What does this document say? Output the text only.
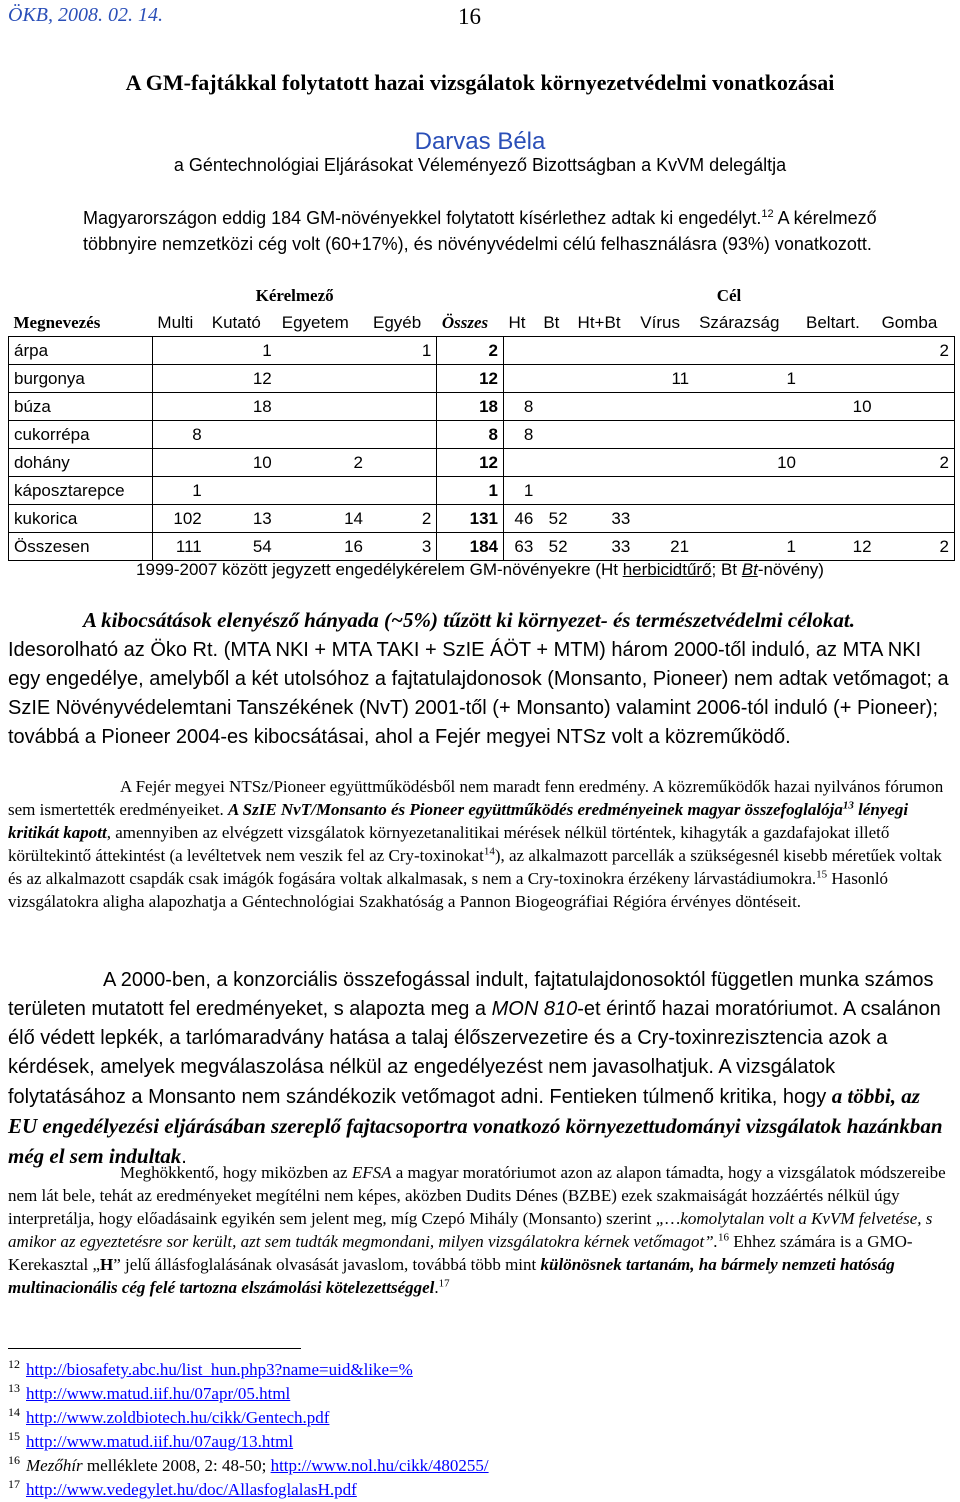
ÖKB, 2008. 02. 14.	16
A GM-fajtákkal folytatott hazai vizsgálatok környezetvédelmi vonatkozásai
Darvas Béla
a Géntechnológiai Eljárásokat Véleményező Bizottságban a KvVM delegáltja
Magyarországon eddig 184 GM-növényekkel folytatott kísérlethez adtak ki engedélyt.$^{12}$ A kérelmező többnyire nemzetközi cég volt (60+17%), és növényvédelmi célú felhasználásra (93%) vonatkozott.
	Kérelmező					Cél						
Megnevezés	Multi	Kutató	Egyetem	Egyéb	Összes	Ht	Bt	Ht+Bt	Vírus	Szárazság	Beltart.	Gomba
árpa		1		1	2							2
burgonya		12			12				11	1		
búza		18			18	8					10	
cukorrépa	8				8	8						
dohány		10	2		12					10		2
káposztarepce	1				1	1						
kukorica	102	13	14	2	131	46	52	33				
Összesen	111	54	16	3	184	63	52	33	21	1	12	2
1999-2007 között jegyzett engedélykérelem GM-növényekre (Ht herbicidtűrő; Bt Bt-növény)
A kibocsátások elenyésző hányada (~5%) tűzött ki környezet- és természetvédelmi célokat. Idesorolható az Öko Rt. (MTA NKI + MTA TAKI + SzIE ÁÖT + MTM) három 2000-től induló, az MTA NKI egy engedélye, amelyből a két utolsóhoz a fajtatulajdonosok (Monsanto, Pioneer) nem adtak vetőmagot; a SzIE Növényvédelemtani Tanszékének (NvT) 2001-től (+ Monsanto) valamint 2006-tól induló (+ Pioneer); továbbá a Pioneer 2004-es kibocsátásai, ahol a Fejér megyei NTSz volt a közreműködő.
A Fejér megyei NTSz/Pioneer együttműködésből nem maradt fenn eredmény. A közreműködők hazai nyilvános fórumon sem ismertették eredményeiket. A SzIE NvT/Monsanto és Pioneer együttműködés eredményeinek magyar összefoglalója$^{13}$ lényegi kritikát kapott, amennyiben az elvégzett vizsgálatok környezetanalitikai mérések nélkül történtek, kihagyták a gazdafajokat illető körültekintő áttekintést (a levéltetvek nem veszik fel az Cry-toxinokat$^{14}$), az alkalmazott parcellák a szükségesnél kisebb méretűek voltak és az alkalmazott csapdák csak imágók fogására voltak alkalmasak, s nem a Cry-toxinokra érzékeny lárvastádiumokra.$^{15}$ Hasonló vizsgálatokra aligha alapozhatja a Géntechnológiai Szakhatóság a Pannon Biogeográfiai Régióra érvényes döntéseit.
A 2000-ben, a konzorciális összefogással indult, fajtatulajdonosoktól független munka számos területen mutatott fel eredményeket, s alapozta meg a MON 810-et érintő hazai moratóriumot. A csalánon élő védett lepkék, a tarlómaradvány hatása a talaj élőszervezetire és a Cry-toxinrezisztencia azok a kérdések, amelyek megválaszolása nélkül az engedélyezést nem javasolhatjuk. A vizsgálatok folytatásához a Monsanto nem szándékozik vetőmagot adni. Fentieken túlmenő kritika, hogy a többi, az EU engedélyezési eljárásában szereplő fajtacsoportra vonatkozó környezettudományi vizsgálatok hazánkban még el sem indultak.
Meghökkentő, hogy miközben az EFSA a magyar moratóriumot azon az alapon támadta, hogy a vizsgálatok módszereibe nem lát bele, tehát az eredményeket megítélni nem képes, aközben Dudits Dénes (BZBE) ezek szakmaiságát hozzáértés nélkül úgy interpretálja, hogy előadásaink egyikén sem jelent meg, míg Czepó Mihály (Monsanto) szerint „…komolytalan volt a KvVM felvetése, s amikor az egyeztetésre sor került, azt sem tudták megmondani, milyen vizsgálatokra kérnek vetőmagot”.$^{16}$ Ehhez számára is a GMO-Kerekasztal „H” jelű állásfoglalásának olvasását javaslom, továbbá több mint különösnek tartanám, ha bármely nemzeti hatóság multinacionális cég felé tartozna elszámolási kötelezettséggel.$^{17}$
$^{12}$ http://biosafety.abc.hu/list_hun.php3?name=uid&like=%
$^{13}$ http://www.matud.iif.hu/07apr/05.html
$^{14}$ http://www.zoldbiotech.hu/cikk/Gentech.pdf
$^{15}$ http://www.matud.iif.hu/07aug/13.html
$^{16}$ Mezőhír melléklete 2008, 2: 48-50; http://www.nol.hu/cikk/480255/
$^{17}$ http://www.vedegylet.hu/doc/AllasfoglalasH.pdf
